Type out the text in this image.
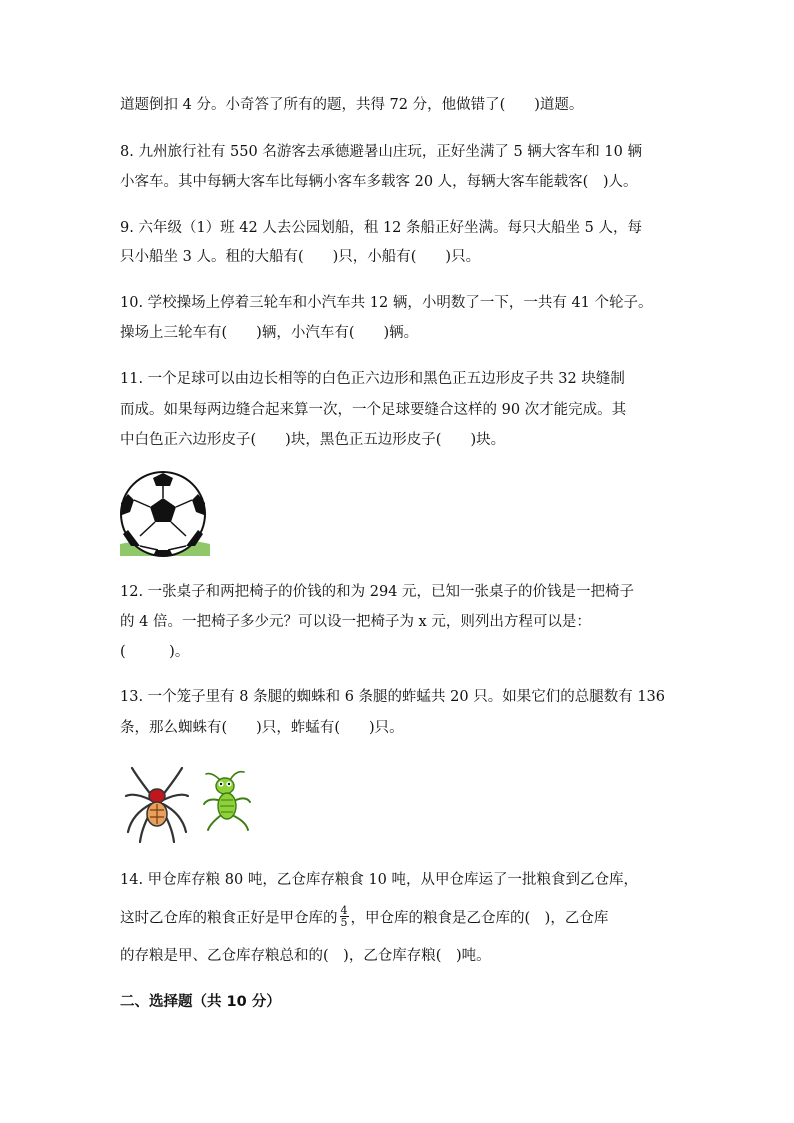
道题倒扣 4 分。小奇答了所有的题，共得 72 分，他做错了(　　)道题。
8. 九州旅行社有 550 名游客去承德避暑山庄玩，正好坐满了 5 辆大客车和 10 辆
小客车。其中每辆大客车比每辆小客车多载客 20 人，每辆大客车能载客(　)人。
9. 六年级（1）班 42 人去公园划船，租 12 条船正好坐满。每只大船坐 5 人，每
只小船坐 3 人。租的大船有(　　)只，小船有(　　)只。
10. 学校操场上停着三轮车和小汽车共 12 辆，小明数了一下，一共有 41 个轮子。
操场上三轮车有(　　)辆，小汽车有(　　)辆。
11. 一个足球可以由边长相等的白色正六边形和黑色正五边形皮子共 32 块缝制
而成。如果每两边缝合起来算一次，一个足球要缝合这样的 90 次才能完成。其
中白色正六边形皮子(　　)块，黑色正五边形皮子(　　)块。
12. 一张桌子和两把椅子的价钱的和为 294 元，已知一张桌子的价钱是一把椅子
的 4 倍。一把椅子多少元？可以设一把椅子为 x 元，则列出方程可以是：
(　　　)。
13. 一个笼子里有 8 条腿的蜘蛛和 6 条腿的蚱蜢共 20 只。如果它们的总腿数有 136
条，那么蜘蛛有(　　)只，蚱蜢有(　　)只。
14. 甲仓库存粮 80 吨，乙仓库存粮食 10 吨，从甲仓库运了一批粮食到乙仓库，
这时乙仓库的粮食正好是甲仓库的 $\frac{4}{5}$ ，甲仓库的粮食是乙仓库的(　)，乙仓库
的存粮是甲、乙仓库存粮总和的(　)，乙仓库存粮(　)吨。
二、选择题（共 10 分）
